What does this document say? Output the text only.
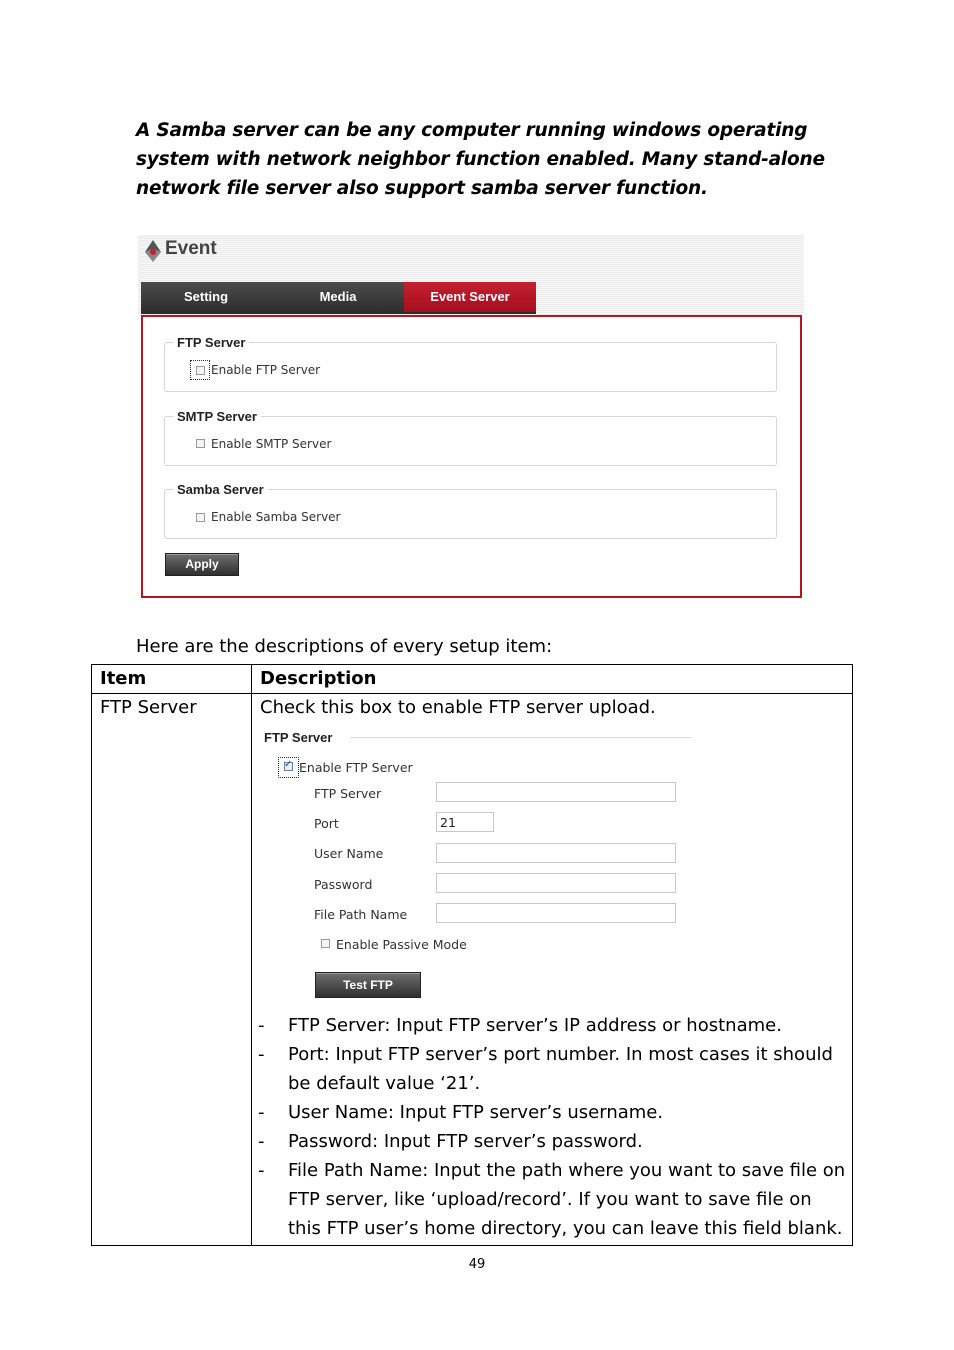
A Samba server can be any computer running windows operating system with network neighbor function enabled. Many stand-alone network file server also support samba server function.

Event
Setting	Media	Event Server
FTP Server
Enable FTP Server
SMTP Server
Enable SMTP Server
Samba Server
Enable Samba Server
Apply
Here are the descriptions of every setup item:
Item	Description
FTP Server	Check this box to enable FTP server upload.
FTP Server
✓ Enable FTP Server
FTP Server
Port	21
User Name
Password
File Path Name
Enable Passive Mode
Test FTP
- FTP Server: Input FTP server’s IP address or hostname.
- Port: Input FTP server’s port number. In most cases it should be default value ‘21’.
- User Name: Input FTP server’s username.
- Password: Input FTP server’s password.
- File Path Name: Input the path where you want to save file on FTP server, like ‘upload/record’. If you want to save file on this FTP user’s home directory, you can leave this field blank.
49
